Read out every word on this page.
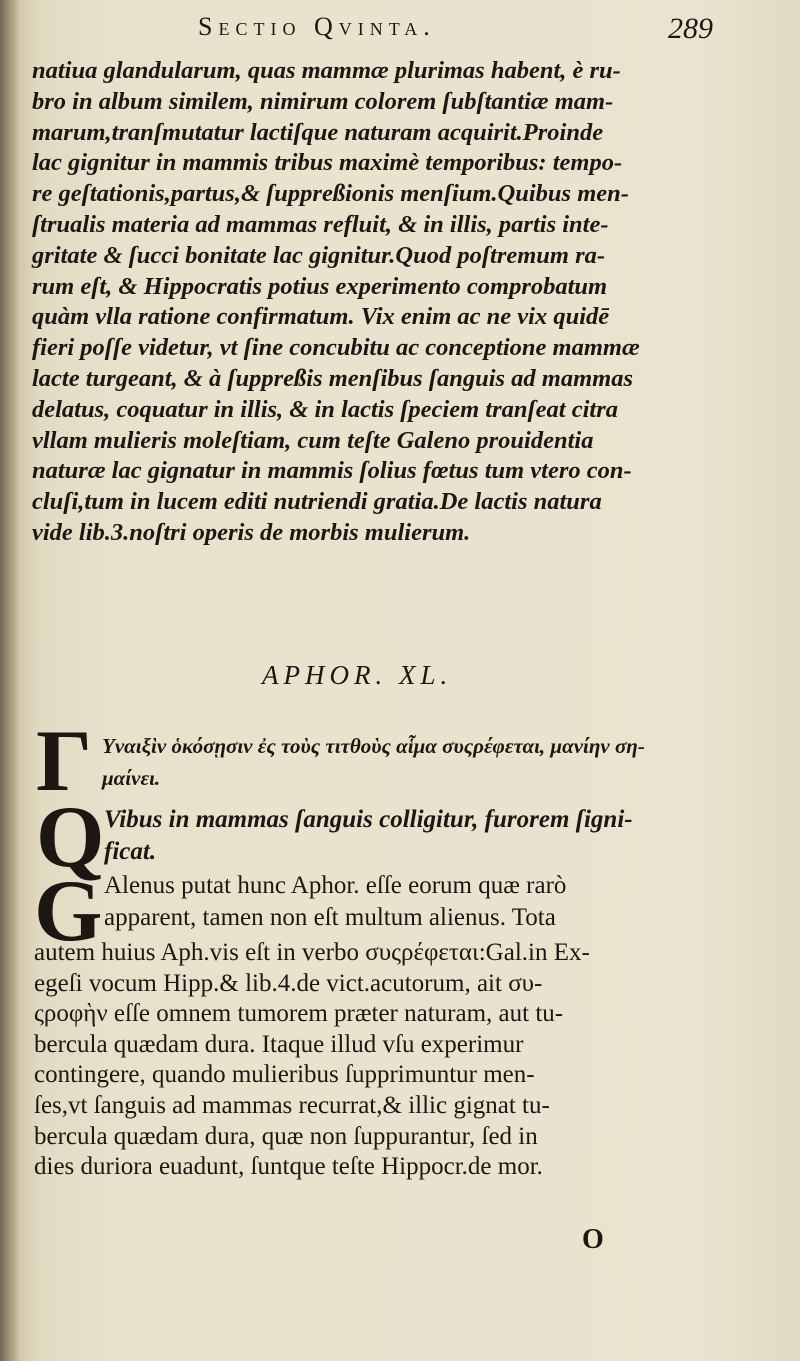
Sectio Qvinta.	289
natiua glandularum, quas mammæ plurimas habent, è ru-
bro in album similem, nimirum colorem ſubſtantiæ mam-
marum,tranſmutatur lactiſque naturam acquirit.Proinde
lac gignitur in mammis tribus maximè temporibus: tempo-
re geſtationis,partus,& ſuppreßionis menſium.Quibus men-
ſtrualis materia ad mammas refluit, & in illis, partis inte-
gritate & ſucci bonitate lac gignitur.Quod poſtremum ra-
rum eſt, & Hippocratis potius experimento comprobatum
quàm vlla ratione confirmatum. Vix enim ac ne vix quidē
fieri poſſe videtur, vt ſine concubitu ac conceptione mammæ
lacte turgeant, & à ſuppreßis menſibus ſanguis ad mammas
delatus, coquatur in illis, & in lactis ſpeciem tranſeat citra
vllam mulieris moleſtiam, cum teſte Galeno prouidentia
naturæ lac gignatur in mammis ſolius fœtus tum vtero con-
cluſi,tum in lucem editi nutriendi gratia.De lactis natura
vide lib.3.noſtri operis de morbis mulierum.
APHOR. XL.
Γ Υναιξὶν ὁκόσῃσιν ἐς τοὺς τιτθοὺς αἷμα συςρέφεται, μανίην ση-
μαίνει.
Q Vibus in mammas ſanguis colligitur, furorem ſigni-
ficat.
G Alenus putat hunc Aphor. eſſe eorum quæ rarò
apparent, tamen non eſt multum alienus. Tota
autem huius Aph.vis eſt in verbo συςρέφεται:Gal.in Ex-
egeſi vocum Hipp.& lib.4.de vict.acutorum, ait συ-
ςροφὴν eſſe omnem tumorem præter naturam, aut tu-
bercula quædam dura. Itaque illud vſu experimur
contingere, quando mulieribus ſupprimuntur men-
ſes,vt ſanguis ad mammas recurrat,& illic gignat tu-
bercula quædam dura, quæ non ſuppurantur, ſed in
dies duriora euadunt, ſuntque teſte Hippocr.de mor.
O
